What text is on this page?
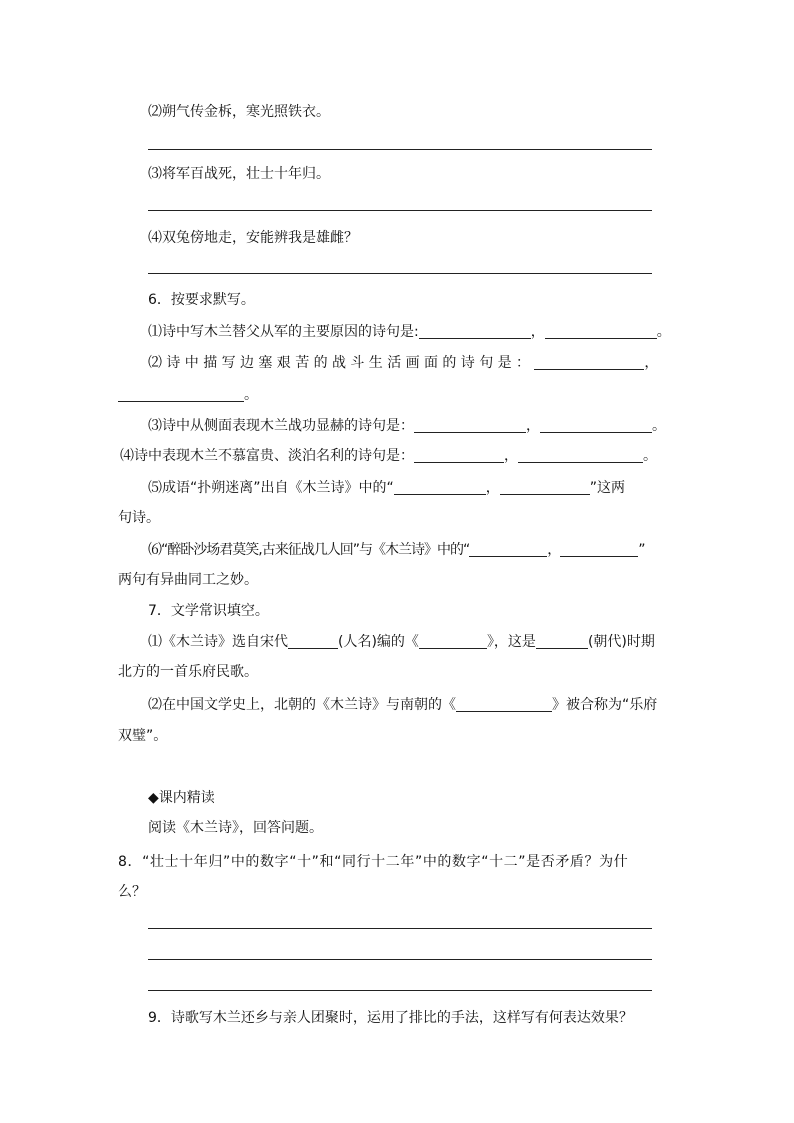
⑵朔气传金柝，寒光照铁衣。
⑶将军百战死，壮士十年归。
⑷双兔傍地走，安能辨我是雄雌？
6．按要求默写。
⑴诗中写木兰替父从军的主要原因的诗句是:	，	。
⑵诗中描写边塞艰苦的战斗生活画面的诗句是：	，
。
⑶诗中从侧面表现木兰战功显赫的诗句是：	，	。
⑷诗中表现木兰不慕富贵、淡泊名利的诗句是：	，	。
⑸成语“扑朔迷离”出自《木兰诗》中的“	，	”这两
句诗。
⑹“醉卧沙场君莫笑,古来征战几人回”与《木兰诗》中的“	，	”
两句有异曲同工之妙。
7．文学常识填空。
⑴《木兰诗》选自宋代	(人名)编的《	》，这是	(朝代)时期
北方的一首乐府民歌。
⑵在中国文学史上，北朝的《木兰诗》与南朝的《	》被合称为“乐府
双璧”。
◆课内精读
阅读《木兰诗》，回答问题。
8．“壮士十年归”中的数字“十”和“同行十二年”中的数字“十二”是否矛盾？为什
么？
9．诗歌写木兰还乡与亲人团聚时，运用了排比的手法，这样写有何表达效果？
